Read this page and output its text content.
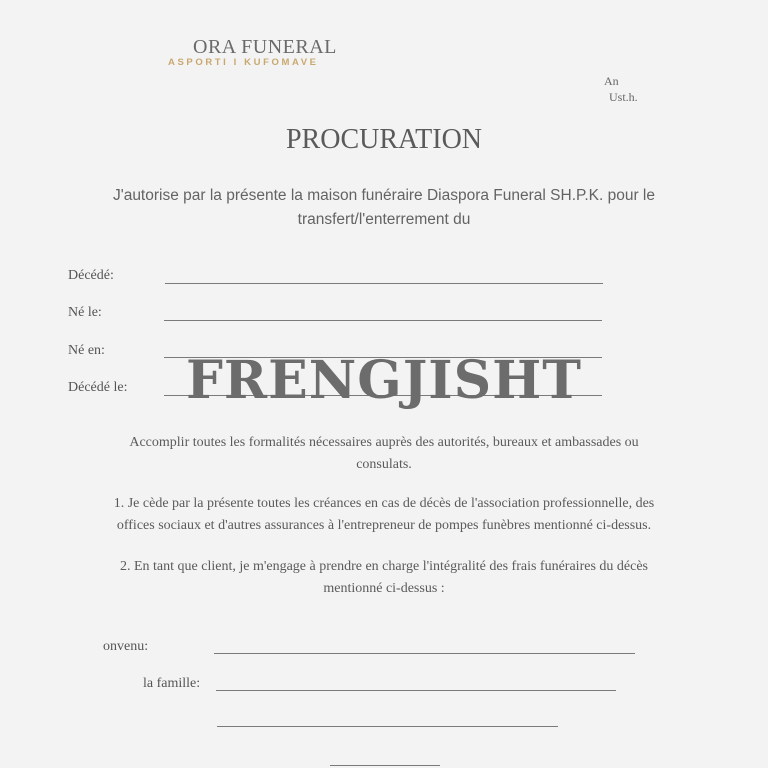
ORA FUNERAL
ASPORTI I KUFOMAVE
An
Ust.h.
PROCURATION
J'autorise par la présente la maison funéraire Diaspora Funeral SH.P.K. pour le
transfert/l'enterrement du
Décédé:
Né le:
Né en:
Décédé le:	FRENGJISHT
Accomplir toutes les formalités nécessaires auprès des autorités, bureaux et ambassades ou
consulats.
1. Je cède par la présente toutes les créances en cas de décès de l'association professionnelle, des
offices sociaux et d'autres assurances à l'entrepreneur de pompes funèbres mentionné ci-dessus.
2. En tant que client, je m'engage à prendre en charge l'intégralité des frais funéraires du décès
mentionné ci-dessus :
onvenu:
la famille:
